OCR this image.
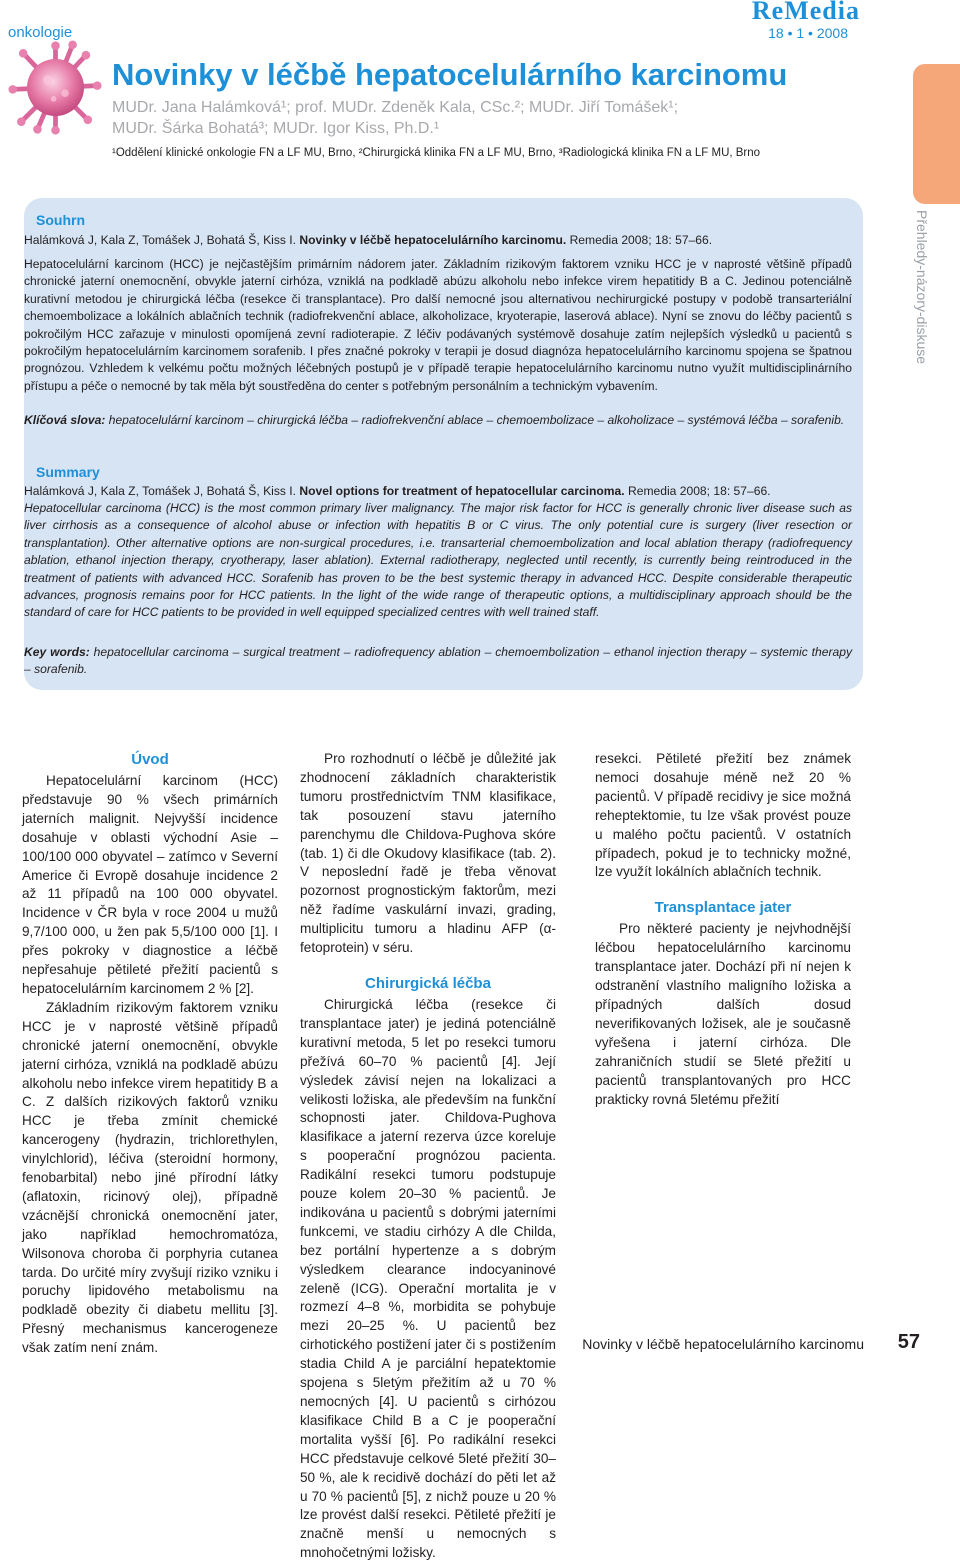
onkologie
ReMedia
18 • 1 • 2008
Novinky v léčbě hepatocelulárního karcinomu
MUDr. Jana Halámková¹; prof. MUDr. Zdeněk Kala, CSc.²; MUDr. Jiří Tomášek¹;
MUDr. Šárka Bohatá³; MUDr. Igor Kiss, Ph.D.¹
¹Oddělení klinické onkologie FN a LF MU, Brno, ²Chirurgická klinika FN a LF MU, Brno, ³Radiologická klinika FN a LF MU, Brno
Přehledy-názory-diskuse
Souhrn
Halámková J, Kala Z, Tomášek J, Bohatá Š, Kiss I. Novinky v léčbě hepatocelulárního karcinomu. Remedia 2008; 18: 57–66.
Hepatocelulární karcinom (HCC) je nejčastějším primárním nádorem jater. Základním rizikovým faktorem vzniku HCC je v naprosté většině případů chronické jaterní onemocnění, obvykle jaterní cirhóza, vzniklá na podkladě abúzu alkoholu nebo infekce virem hepatitidy B a C. Jedinou potenciálně kurativní metodou je chirurgická léčba (resekce či transplantace). Pro další nemocné jsou alternativou nechirurgické postupy v podobě transarteriální chemoembolizace a lokálních ablačních technik (radiofrekvenční ablace, alkoholizace, kryoterapie, laserová ablace). Nyní se znovu do léčby pacientů s pokročilým HCC zařazuje v minulosti opomíjená zevní radioterapie. Z léčiv podávaných systémově dosahuje zatím nejlepších výsledků u pacientů s pokročilým hepatocelulárním karcinomem sorafenib. I přes značné pokroky v terapii je dosud diagnóza hepatocelulárního karcinomu spojena se špatnou prognózou. Vzhledem k velkému počtu možných léčebných postupů je v případě terapie hepatocelulárního karcinomu nutno využít multidisciplinárního přístupu a péče o nemocné by tak měla být soustředěna do center s potřebným personálním a technickým vybavením.
Klíčová slova: hepatocelulární karcinom – chirurgická léčba – radiofrekvenční ablace – chemoembolizace – alkoholizace – systémová léčba – sorafenib.
Summary
Halámková J, Kala Z, Tomášek J, Bohatá Š, Kiss I. Novel options for treatment of hepatocellular carcinoma. Remedia 2008; 18: 57–66.
Hepatocellular carcinoma (HCC) is the most common primary liver malignancy. The major risk factor for HCC is generally chronic liver disease such as liver cirrhosis as a consequence of alcohol abuse or infection with hepatitis B or C virus. The only potential cure is surgery (liver resection or transplantation). Other alternative options are non-surgical procedures, i.e. transarterial chemoembolization and local ablation therapy (radiofrequency ablation, ethanol injection therapy, cryotherapy, laser ablation). External radiotherapy, neglected until recently, is currently being reintroduced in the treatment of patients with advanced HCC. Sorafenib has proven to be the best systemic therapy in advanced HCC. Despite considerable therapeutic advances, prognosis remains poor for HCC patients. In the light of the wide range of therapeutic options, a multidisciplinary approach should be the standard of care for HCC patients to be provided in well equipped specialized centres with well trained staff.
Key words: hepatocellular carcinoma – surgical treatment – radiofrequency ablation – chemoembolization – ethanol injection therapy – systemic therapy – sorafenib.
Úvod

Hepatocelulární karcinom (HCC) představuje 90 % všech primárních jaterních malignit. Nejvyšší incidence dosahuje v oblasti východní Asie – 100/100 000 obyvatel – zatímco v Severní Americe či Evropě dosahuje incidence 2 až 11 případů na 100 000 obyvatel. Incidence v ČR byla v roce 2004 u mužů 9,7/100 000, u žen pak 5,5/100 000 [1]. I přes pokroky v diagnostice a léčbě nepřesahuje pětileté přežití pacientů s hepatocelulárním karcinomem 2 % [2].

Základním rizikovým faktorem vzniku HCC je v naprosté většině případů chronické jaterní onemocnění, obvykle jaterní cirhóza, vzniklá na podkladě abúzu alkoholu nebo infekce virem hepatitidy B a C. Z dalších rizikových faktorů vzniku HCC je třeba zmínit chemické kancerogeny (hydrazin, trichlorethylen, vinylchlorid), léčiva (steroidní hormony, fenobarbital) nebo jiné přírodní látky (aflatoxin, ricinový olej), případně vzácnější chronická onemocnění jater, jako například hemochromatóza, Wilsonova choroba či porphyria cutanea tarda. Do určité míry zvyšují riziko vzniku i poruchy lipidového metabolismu na podkladě obezity či diabetu mellitu [3]. Přesný mechanismus kancerogeneze však zatím není znám.

Pro rozhodnutí o léčbě je důležité jak zhodnocení základních charakteristik tumoru prostřednictvím TNM klasifikace, tak posouzení stavu jaterního parenchymu dle Childova-Pughova skóre (tab. 1) či dle Okudovy klasifikace (tab. 2). V neposlední řadě je třeba věnovat pozornost prognostickým faktorům, mezi něž řadíme vaskulární invazi, grading, multiplicitu tumoru a hladinu AFP (α-fetoprotein) v séru.

Chirurgická léčba

Chirurgická léčba (resekce či transplantace jater) je jediná potenciálně kurativní metoda, 5 let po resekci tumoru přežívá 60–70 % pacientů [4]. Její výsledek závisí nejen na lokalizaci a velikosti ložiska, ale především na funkční schopnosti jater. Childova-Pughova klasifikace a jaterní rezerva úzce koreluje s pooperační prognózou pacienta. Radikální resekci tumoru podstupuje pouze kolem 20–30 % pacientů. Je indikována u pacientů s dobrými jaterními funkcemi, ve stadiu cirhózy A dle Childa, bez portální hypertenze a s dobrým výsledkem clearance indocyaninové zeleně (ICG). Operační mortalita je v rozmezí 4–8 %, morbidita se pohybuje mezi 20–25 %. U pacientů bez cirhotického postižení jater či s postižením stadia Child A je parciální hepatektomie spojena s 5letým přežitím až u 70 % nemocných [4]. U pacientů s cirhózou klasifikace Child B a C je pooperační mortalita vyšší [6]. Po radikální resekci HCC představuje celkové 5leté přežití 30–50 %, ale k recidivě dochází do pěti let až u 70 % pacientů [5], z nichž pouze u 20 % lze provést další resekci. Pětileté přežití je značně menší u nemocných s mnohočetnými ložisky.

resekci. Pětileté přežití bez známek nemoci dosahuje méně než 20 % pacientů. V případě recidivy je sice možná reheptektomie, tu lze však provést pouze u malého počtu pacientů. V ostatních případech, pokud je to technicky možné, lze využít lokálních ablačních technik.

Transplantace jater

Pro některé pacienty je nejvhodnější léčbou hepatocelulárního karcinomu transplantace jater. Dochází při ní nejen k odstranění vlastního maligního ložiska a případných dalších dosud neverifikovaných ložisek, ale je současně vyřešena i jaterní cirhóza. Dle zahraničních studií se 5leté přežití u pacientů transplantovaných pro HCC prakticky rovná 5letému přežití

Novinky v léčbě hepatocelulárního karcinomu 57
